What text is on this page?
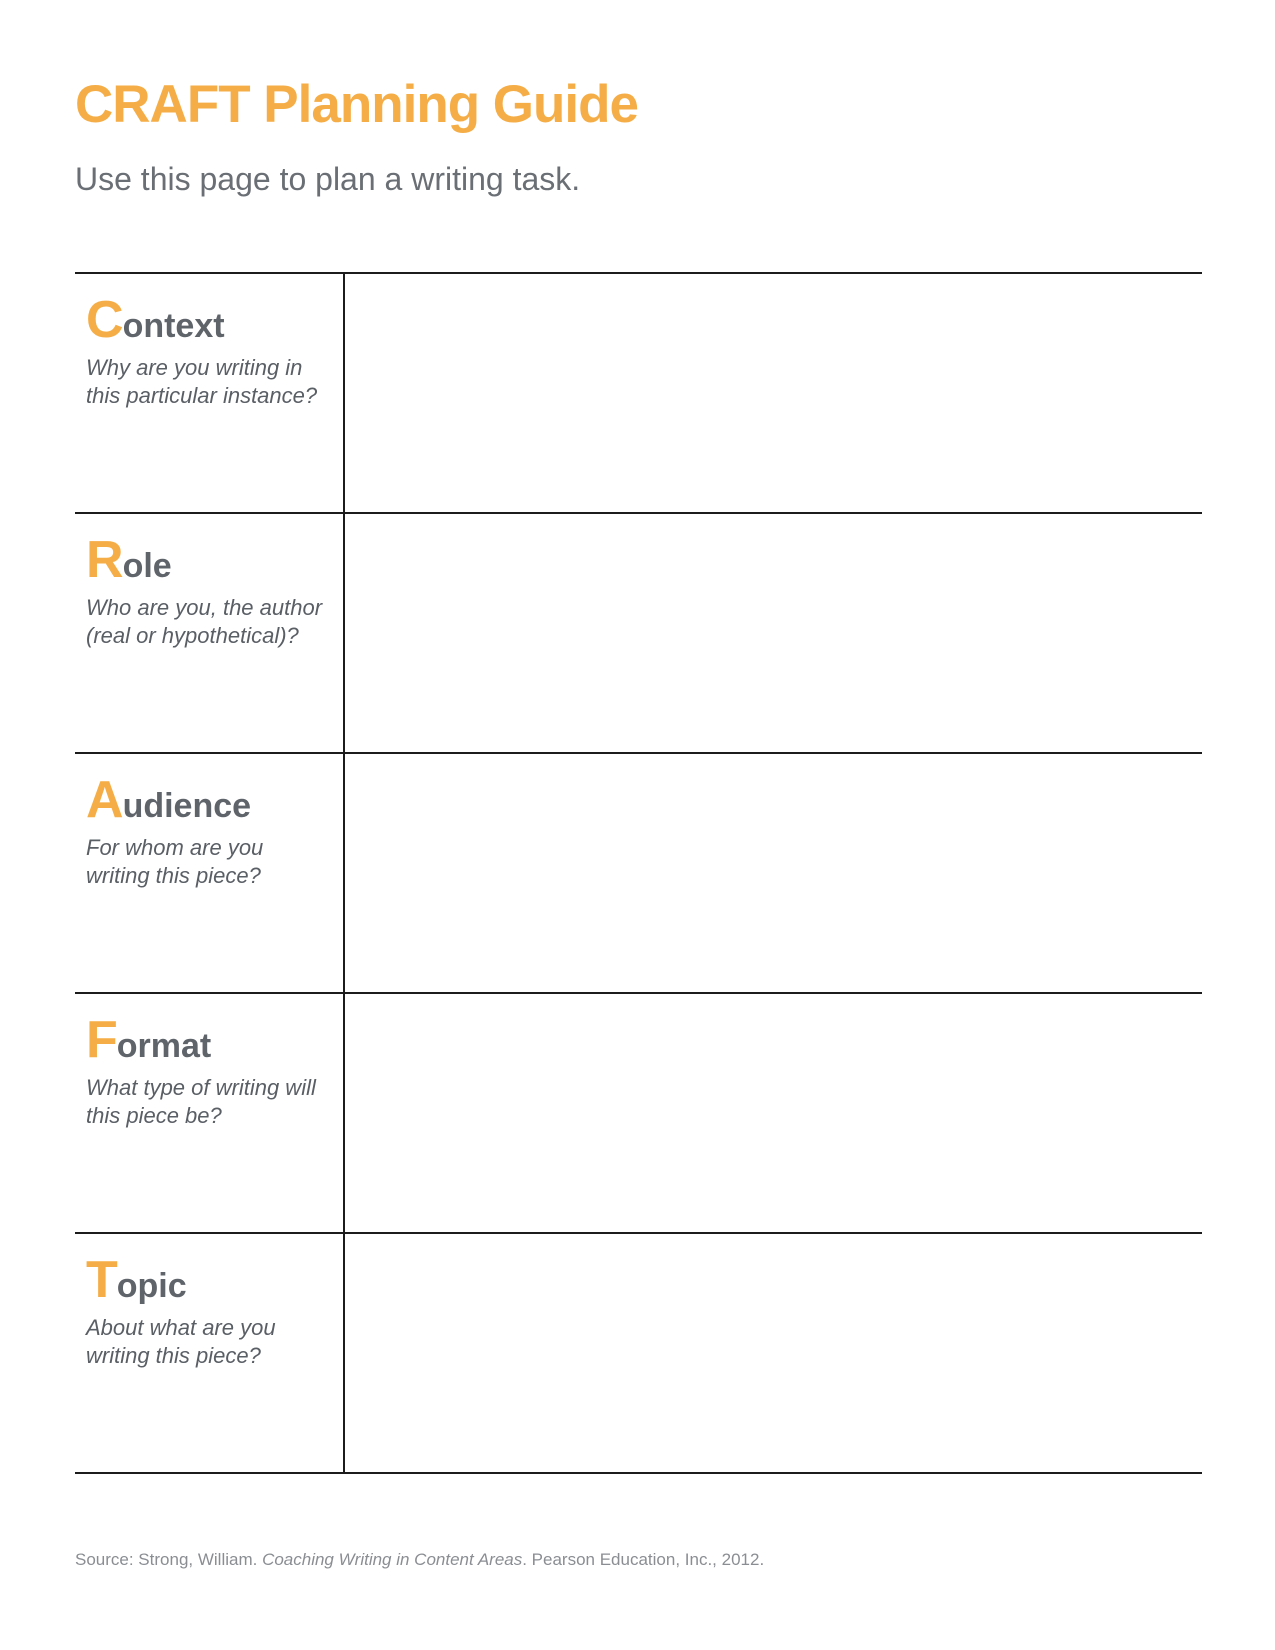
CRAFT Planning Guide

Use this page to plan a writing task.

Context

Why are you writing in
this particular instance?

Role

Who are you, the author
(real or hypothetical)?

Audience

For whom are you
writing this piece?

Format

What type of writing will
this piece be?

Topic

About what are you
writing this piece?

Source: Strong, William. Coaching Writing in Content Areas. Pearson Education, Inc., 2012.
